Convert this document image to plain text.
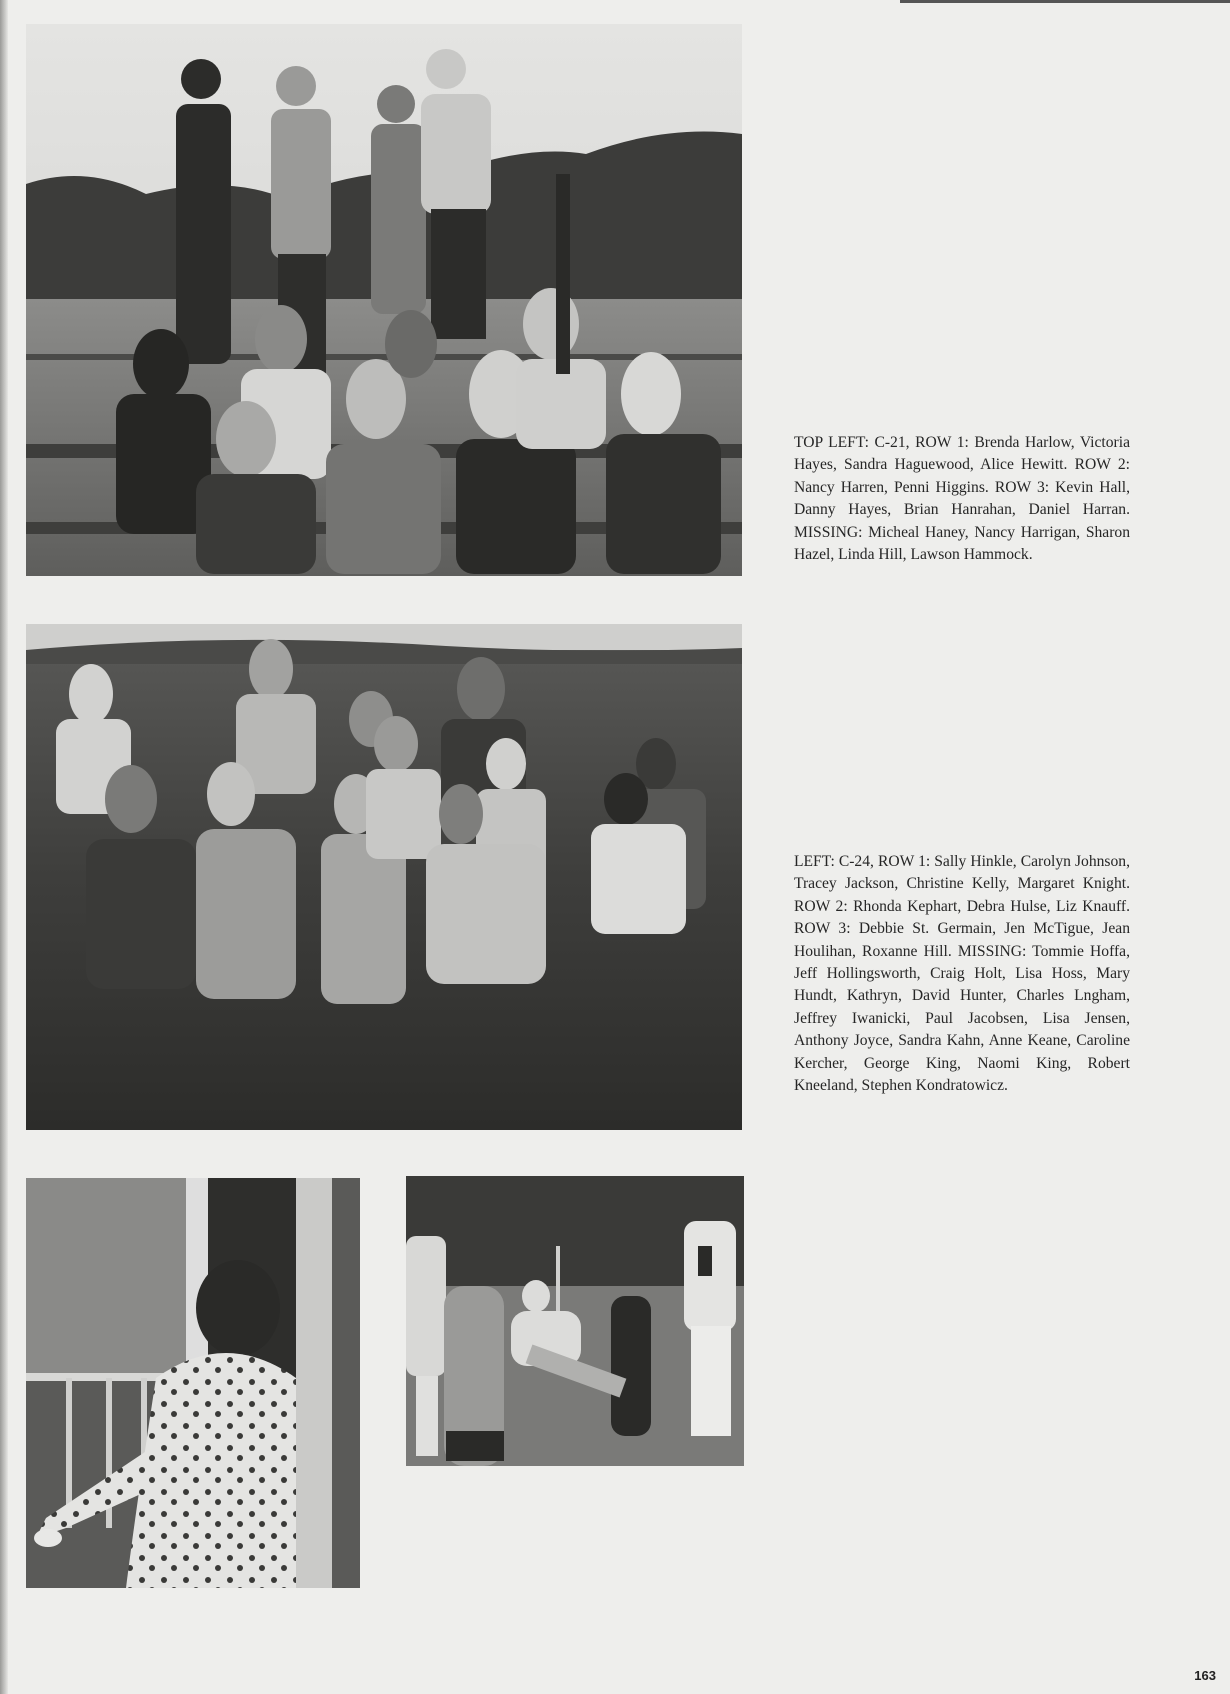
TOP LEFT: C-21, ROW 1: Brenda Harlow, Victoria Hayes, Sandra Haguewood, Alice Hewitt. ROW 2: Nancy Harren, Penni Higgins. ROW 3: Kevin Hall, Danny Hayes, Brian Hanrahan, Daniel Harran. MISSING: Micheal Haney, Nancy Harrigan, Sharon Hazel, Linda Hill, Lawson Hammock.

LEFT: C-24, ROW 1: Sally Hinkle, Carolyn Johnson, Tracey Jackson, Christine Kelly, Margaret Knight. ROW 2: Rhonda Kephart, Debra Hulse, Liz Knauff. ROW 3: Debbie St. Germain, Jen McTigue, Jean Houlihan, Roxanne Hill. MISSING: Tommie Hoffa, Jeff Hollingsworth, Craig Holt, Lisa Hoss, Mary Hundt, Kathryn, David Hunter, Charles Lngham, Jeffrey Iwanicki, Paul Jacobsen, Lisa Jensen, Anthony Joyce, Sandra Kahn, Anne Keane, Caroline Kercher, George King, Naomi King, Robert Kneeland, Stephen Kondratowicz.

163
